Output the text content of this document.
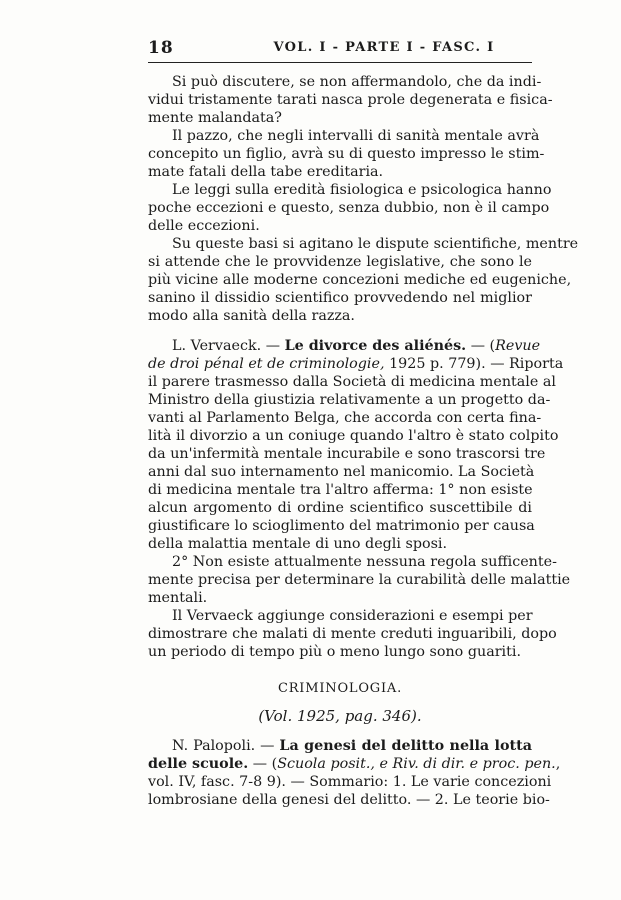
18	VOL. I - PARTE I - FASC. I
Si può discutere, se non affermandolo, che da indi-
vidui tristamente tarati nasca prole degenerata e fisica-
mente malandata?
Il pazzo, che negli intervalli di sanità mentale avrà
concepito un figlio, avrà su di questo impresso le stim-
mate fatali della tabe ereditaria.
Le leggi sulla eredità fisiologica e psicologica hanno
poche eccezioni e questo, senza dubbio, non è il campo
delle eccezioni.
Su queste basi si agitano le dispute scientifiche, mentre
si attende che le provvidenze legislative, che sono le
più vicine alle moderne concezioni mediche ed eugeniche,
sanino il dissidio scientifico provvedendo nel miglior
modo alla sanità della razza.
L. Vervaeck. — Le divorce des aliénés. — (Revue
de droi pénal et de criminologie, 1925 p. 779). — Riporta
il parere trasmesso dalla Società di medicina mentale al
Ministro della giustizia relativamente a un progetto da-
vanti al Parlamento Belga, che accorda con certa fina-
lità il divorzio a un coniuge quando l'altro è stato colpito
da un'infermità mentale incurabile e sono trascorsi tre
anni dal suo internamento nel manicomio. La Società
di medicina mentale tra l'altro afferma: 1° non esiste
alcun argomento di ordine scientifico suscettibile di
giustificare lo scioglimento del matrimonio per causa
della malattia mentale di uno degli sposi.
2° Non esiste attualmente nessuna regola sufficente-
mente precisa per determinare la curabilità delle malattie
mentali.
Il Vervaeck aggiunge considerazioni e esempi per
dimostrare che malati di mente creduti inguaribili, dopo
un periodo di tempo più o meno lungo sono guariti.
CRIMINOLOGIA.
(Vol. 1925, pag. 346).
N. Palopoli. — La genesi del delitto nella lotta
delle scuole. — (Scuola posit., e Riv. di dir. e proc. pen.,
vol. IV, fasc. 7-8 9). — Sommario: 1. Le varie concezioni
lombrosiane della genesi del delitto. — 2. Le teorie bio-
